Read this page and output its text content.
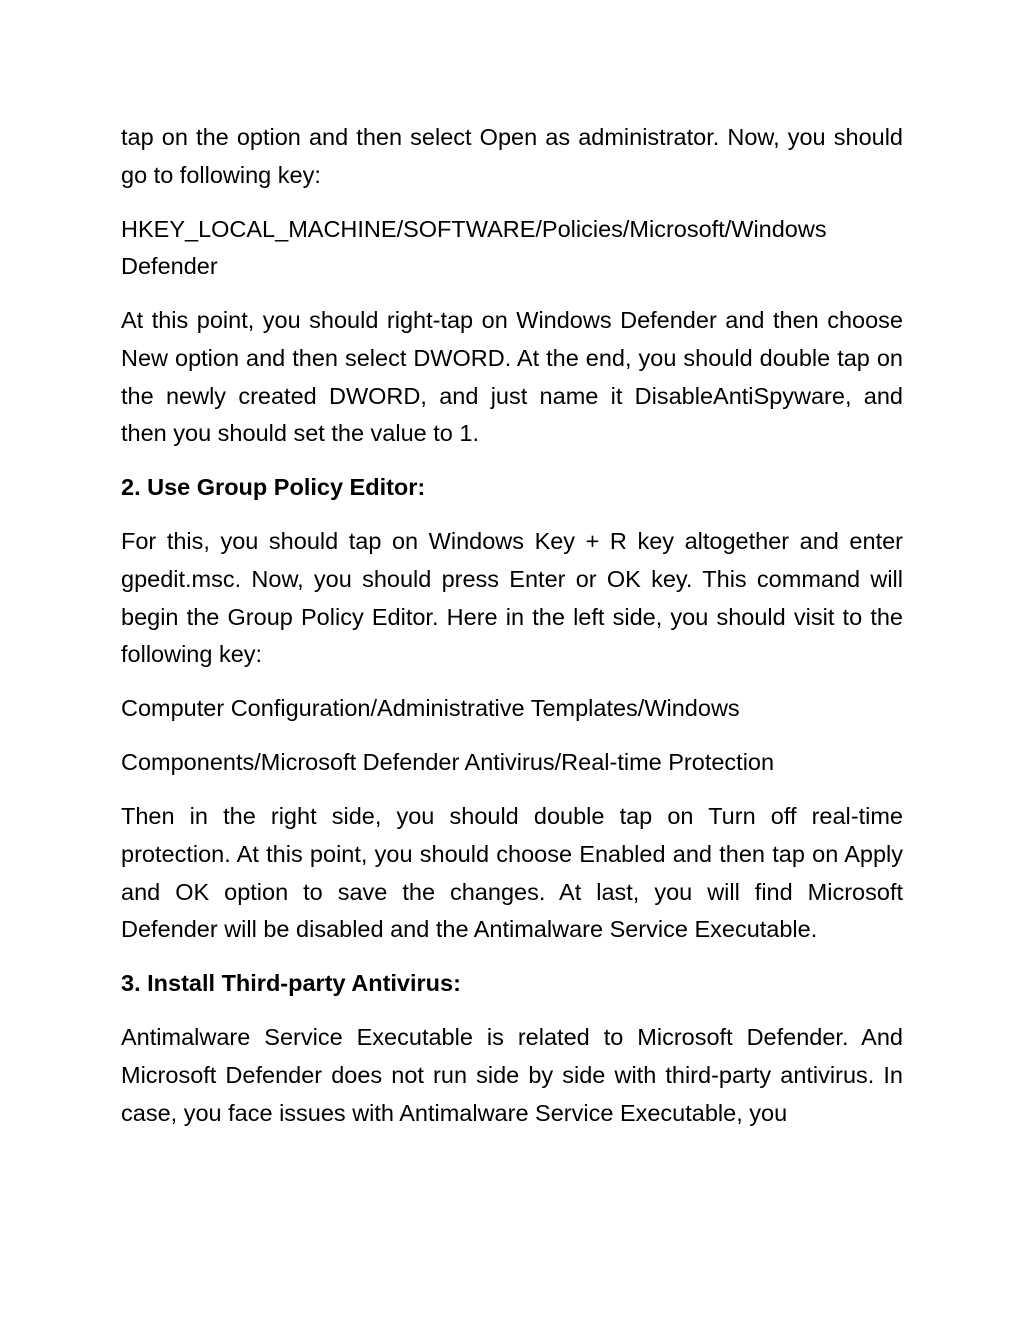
tap on the option and then select Open as administrator. Now, you should go to following key:

HKEY_LOCAL_MACHINE/SOFTWARE/Policies/Microsoft/Windows Defender

At this point, you should right-tap on Windows Defender and then choose New option and then select DWORD. At the end, you should double tap on the newly created DWORD, and just name it DisableAntiSpyware, and then you should set the value to 1.

2. Use Group Policy Editor:

For this, you should tap on Windows Key + R key altogether and enter gpedit.msc. Now, you should press Enter or OK key. This command will begin the Group Policy Editor. Here in the left side, you should visit to the following key:

Computer Configuration/Administrative Templates/Windows

Components/Microsoft Defender Antivirus/Real-time Protection

Then in the right side, you should double tap on Turn off real-time protection. At this point, you should choose Enabled and then tap on Apply and OK option to save the changes. At last, you will find Microsoft Defender will be disabled and the Antimalware Service Executable.

3. Install Third-party Antivirus:

Antimalware Service Executable is related to Microsoft Defender. And Microsoft Defender does not run side by side with third-party antivirus. In case, you face issues with Antimalware Service Executable, you
